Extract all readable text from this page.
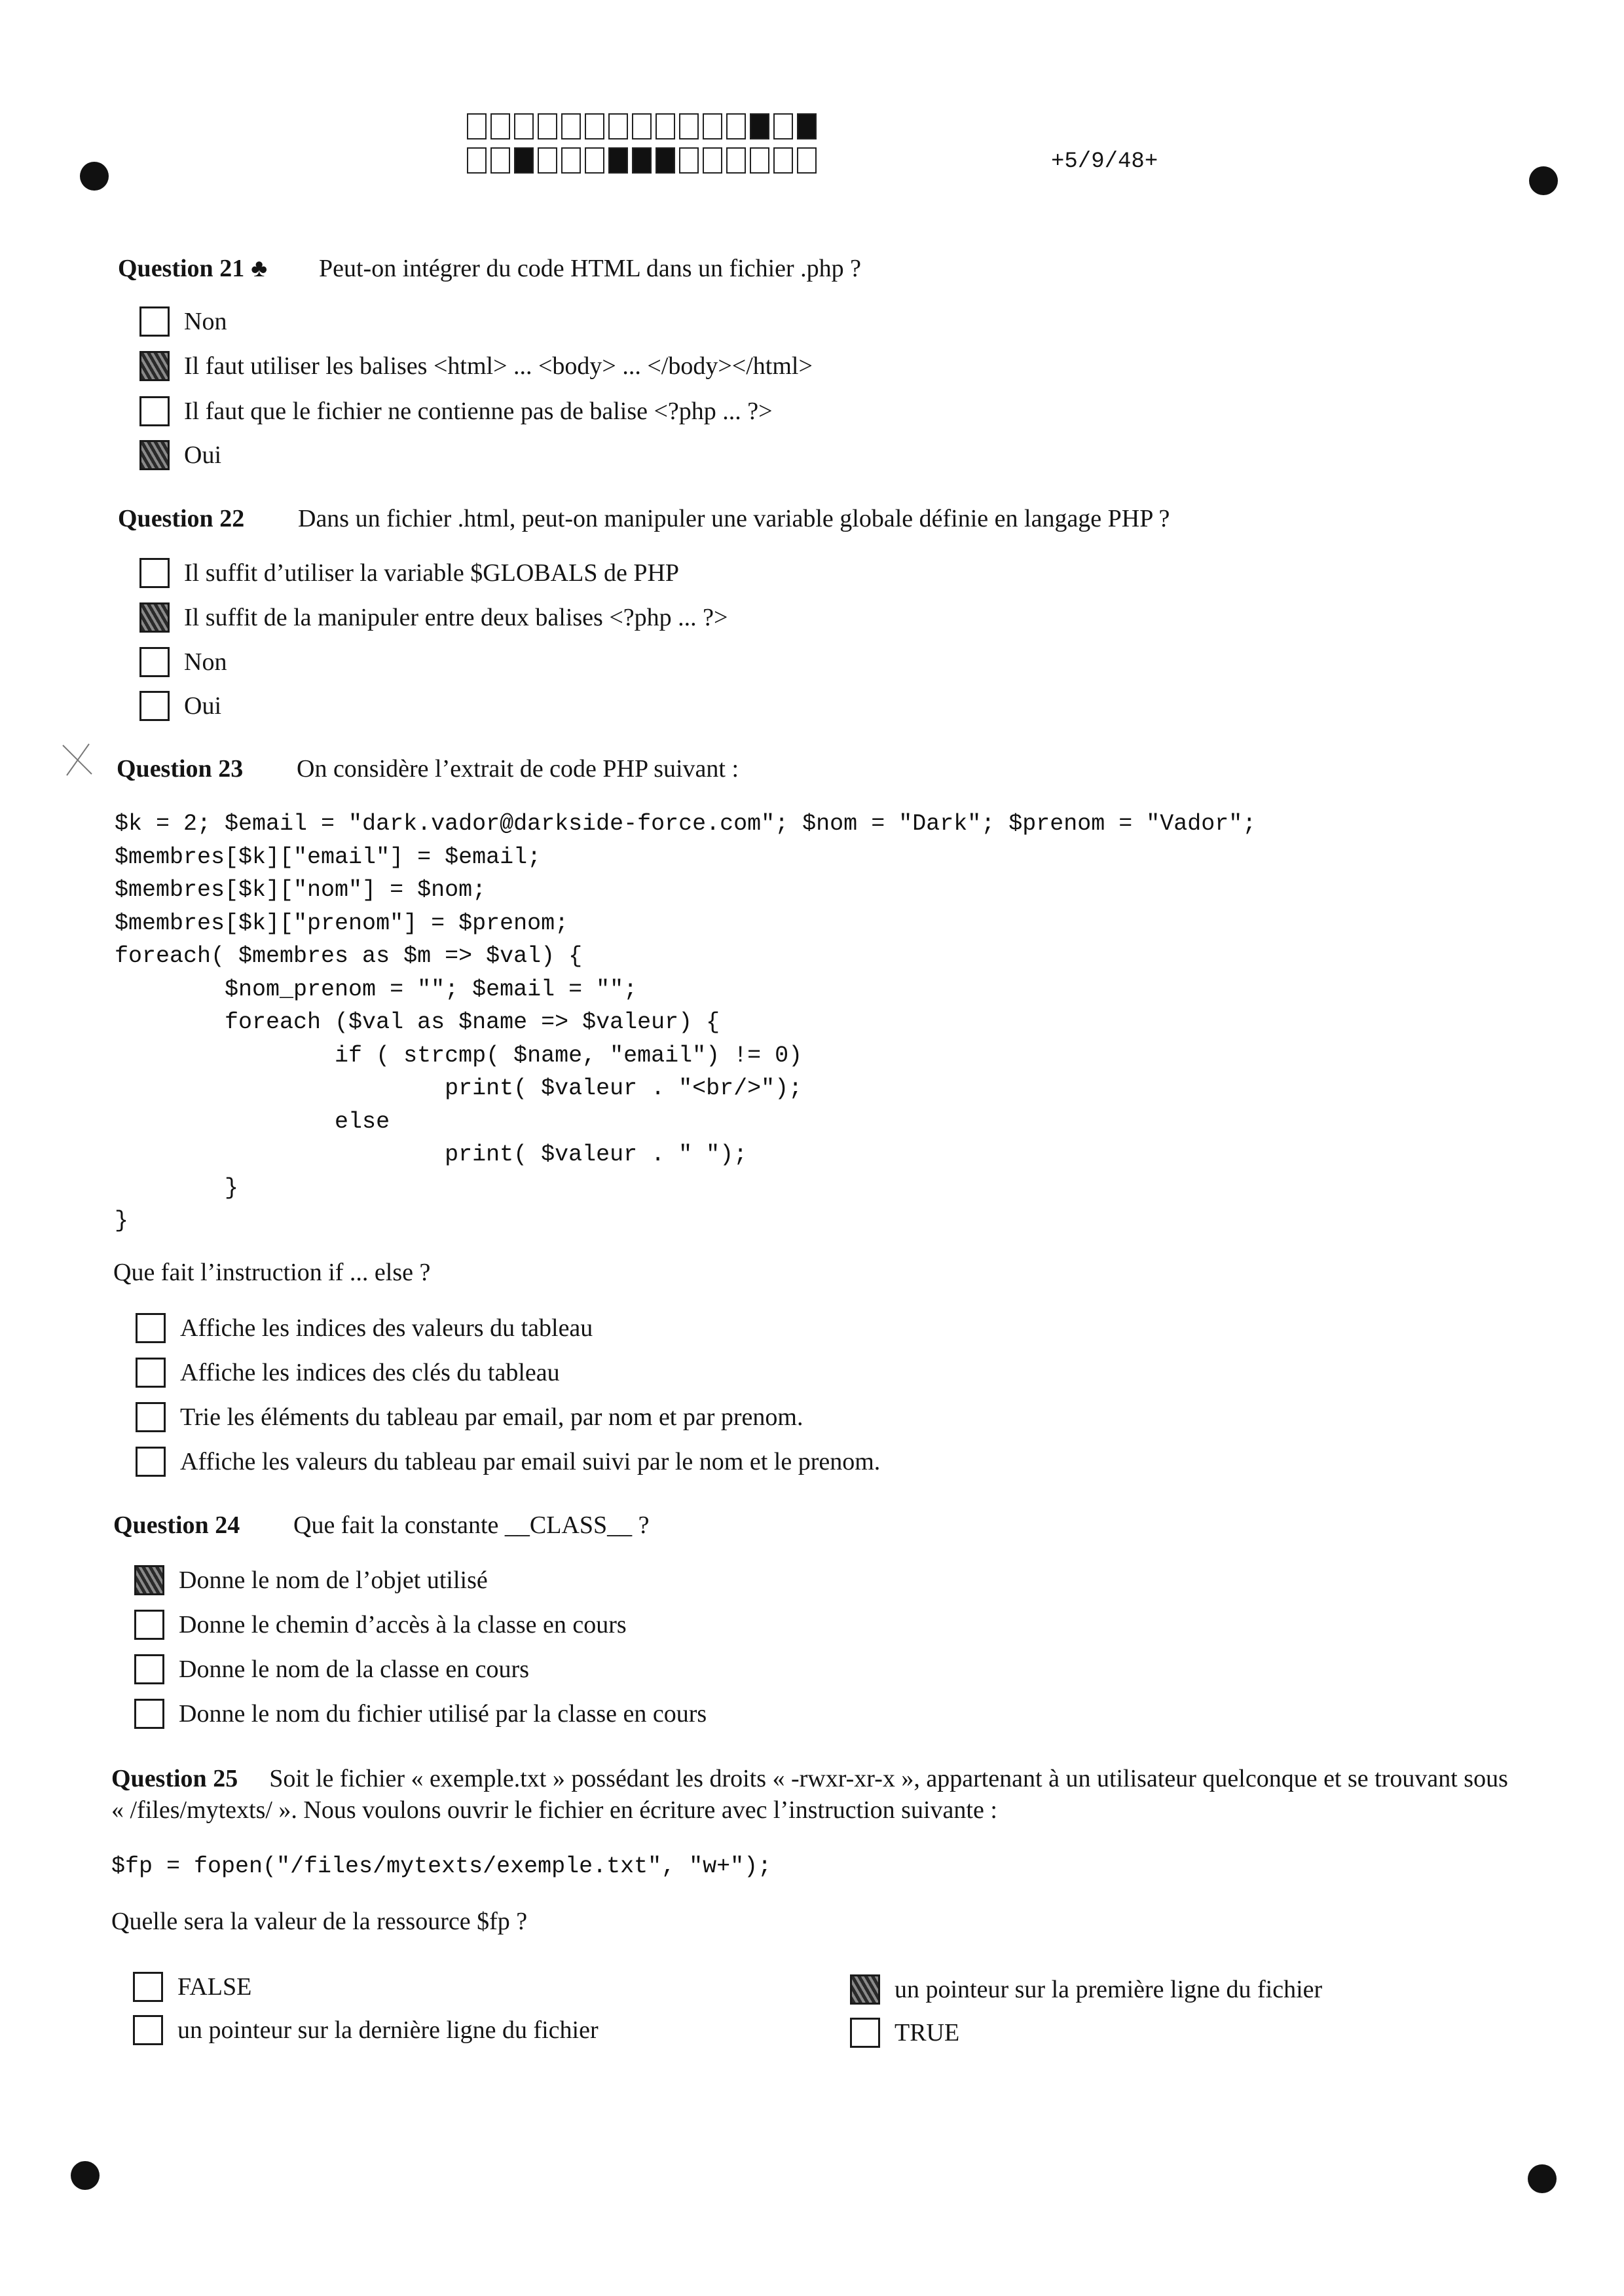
+5/9/48+
Question 21 ♣ Peut-on intégrer du code HTML dans un fichier .php ?
Non
Il faut utiliser les balises <html> ... <body> ... </body></html>
Il faut que le fichier ne contienne pas de balise <?php ... ?>
Oui
Question 22 Dans un fichier .html, peut-on manipuler une variable globale définie en langage PHP ?
Il suffit d’utiliser la variable $GLOBALS de PHP
Il suffit de la manipuler entre deux balises <?php ... ?>
Non
Oui
Question 23 On considère l’extrait de code PHP suivant :
$k = 2; $email = "dark.vador@darkside-force.com"; $nom = "Dark"; $prenom = "Vador";
$membres[$k]["email"] = $email;
$membres[$k]["nom"] = $nom;
$membres[$k]["prenom"] = $prenom;
foreach( $membres as $m => $val) {
$nom_prenom = ""; $email = "";
foreach ($val as $name => $valeur) {
if ( strcmp( $name, "email") != 0)
print( $valeur . "<br/>");
else
print( $valeur . " ");
}
}
Que fait l’instruction if ... else ?
Affiche les indices des valeurs du tableau
Affiche les indices des clés du tableau
Trie les éléments du tableau par email, par nom et par prenom.
Affiche les valeurs du tableau par email suivi par le nom et le prenom.
Question 24 Que fait la constante __CLASS__ ?
Donne le nom de l’objet utilisé
Donne le chemin d’accès à la classe en cours
Donne le nom de la classe en cours
Donne le nom du fichier utilisé par la classe en cours
Question 25 Soit le fichier « exemple.txt » possédant les droits « -rwxr-xr-x », appartenant à un utilisateur quelconque et se trouvant sous « /files/mytexts/ ». Nous voulons ouvrir le fichier en écriture avec l’instruction suivante :
$fp = fopen("/files/mytexts/exemple.txt", "w+");
Quelle sera la valeur de la ressource $fp ?
FALSE
un pointeur sur la dernière ligne du fichier
un pointeur sur la première ligne du fichier
TRUE
